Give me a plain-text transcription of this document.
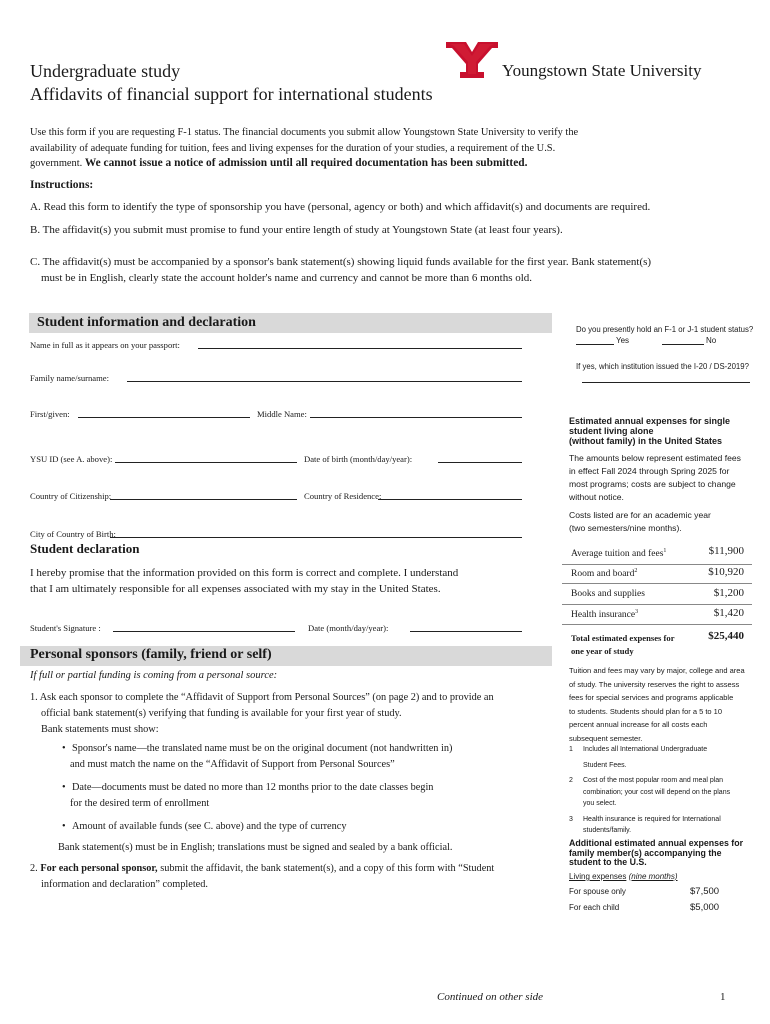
Undergraduate study
Affidavits of financial support for international students
Youngstown State University
Use this form if you are requesting F-1 status. The financial documents you submit allow Youngstown State University to verify the
availability of adequate funding for tuition, fees and living expenses for the duration of your studies, a requirement of the U.S.
government. We cannot issue a notice of admission until all required documentation has been submitted.
Instructions:
A. Read this form to identify the type of sponsorship you have (personal, agency or both) and which affidavit(s) and documents are required.
B. The affidavit(s) you submit must promise to fund your entire length of study at Youngstown State (at least four years).
C. The affidavit(s) must be accompanied by a sponsor's bank statement(s) showing liquid funds available for the first year. Bank statement(s)
must be in English, clearly state the account holder's name and currency and cannot be more than 6 months old.
Student information and declaration
Name in full as it appears on your passport:
Family name/surname:
First/given:	Middle Name:
YSU ID (see A. above):	Date of birth (month/day/year):
Country of Citizenship:	Country of Residence:
City of Country of Birth:
Do you presently hold an F-1 or J-1 student status?
Yes	No
If yes, which institution issued the I-20 / DS-2019?
Student declaration
I hereby promise that the information provided on this form is correct and complete. I understand
that I am ultimately responsible for all expenses associated with my stay in the United States.
Student's Signature :	Date (month/day/year):
Personal sponsors (family, friend or self)
If full or partial funding is coming from a personal source:
1. Ask each sponsor to complete the “Affidavit of Support from Personal Sources” (on page 2) and to provide an
official bank statement(s) verifying that funding is available for your first year of study.
Bank statements must show:
• Sponsor's name—the translated name must be on the original document (not handwritten in)
and must match the name on the “Affidavit of Support from Personal Sources”
• Date—documents must be dated no more than 12 months prior to the date classes begin
for the desired term of enrollment
• Amount of available funds (see C. above) and the type of currency
Bank statement(s) must be in English; translations must be signed and sealed by a bank official.
2. For each personal sponsor, submit the affidavit, the bank statement(s), and a copy of this form with “Student
information and declaration” completed.
Estimated annual expenses for single
student living alone
(without family) in the United States
The amounts below represent estimated fees
in effect Fall 2024 through Spring 2025 for
most programs; costs are subject to change
without notice.
Costs listed are for an academic year
(two semesters/nine months).
Average tuition and fees$^1$	$11,900
Room and board$^2$	$10,920
Books and supplies	$1,200
Health insurance$^3$	$1,420
Total estimated expenses for
one year of study
$25,440
Tuition and fees may vary by major, college and area
of study. The university reserves the right to assess
fees for special services and programs applicable
to students. Students should plan for a 5 to 10
percent annual increase for all costs each
subsequent semester.
1 Includes all International Undergraduate
Student Fees.
2 Cost of the most popular room and meal plan
combination; your cost will depend on the plans
you select.
3 Health insurance is required for International
students/family.
Additional estimated annual expenses for
family member(s) accompanying the
student to the U.S.
Living expenses (nine months)
For spouse only	$7,500
For each child	$5,000
Continued on other side	1
